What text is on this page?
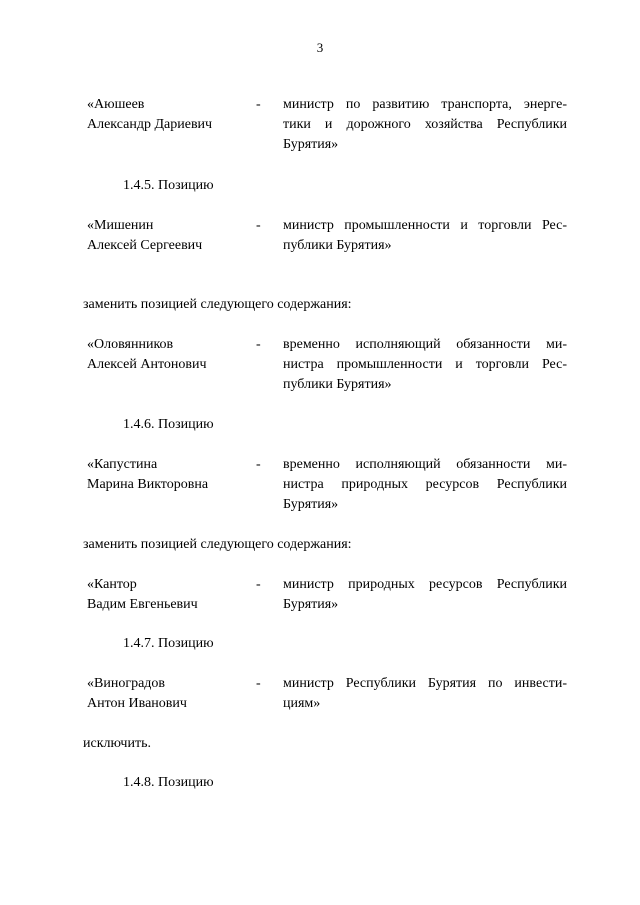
3
«Аюшеев
Александр Дариевич
- министр по развитию транспорта, энерге-
тики и дорожного хозяйства Республики
Бурятия»
1.4.5. Позицию
«Мишенин
Алексей Сергеевич
- министр промышленности и торговли Рес-
публики Бурятия»
заменить позицией следующего содержания:
«Оловянников
Алексей Антонович
- временно исполняющий обязанности ми-
нистра промышленности и торговли Рес-
публики Бурятия»
1.4.6. Позицию
«Капустина
Марина Викторовна
- временно исполняющий обязанности ми-
нистра природных ресурсов Республики
Бурятия»
заменить позицией следующего содержания:
«Кантор
Вадим Евгеньевич
- министр природных ресурсов Республики
Бурятия»
1.4.7. Позицию
«Виноградов
Антон Иванович
- министр Республики Бурятия по инвести-
циям»
исключить.
1.4.8. Позицию
